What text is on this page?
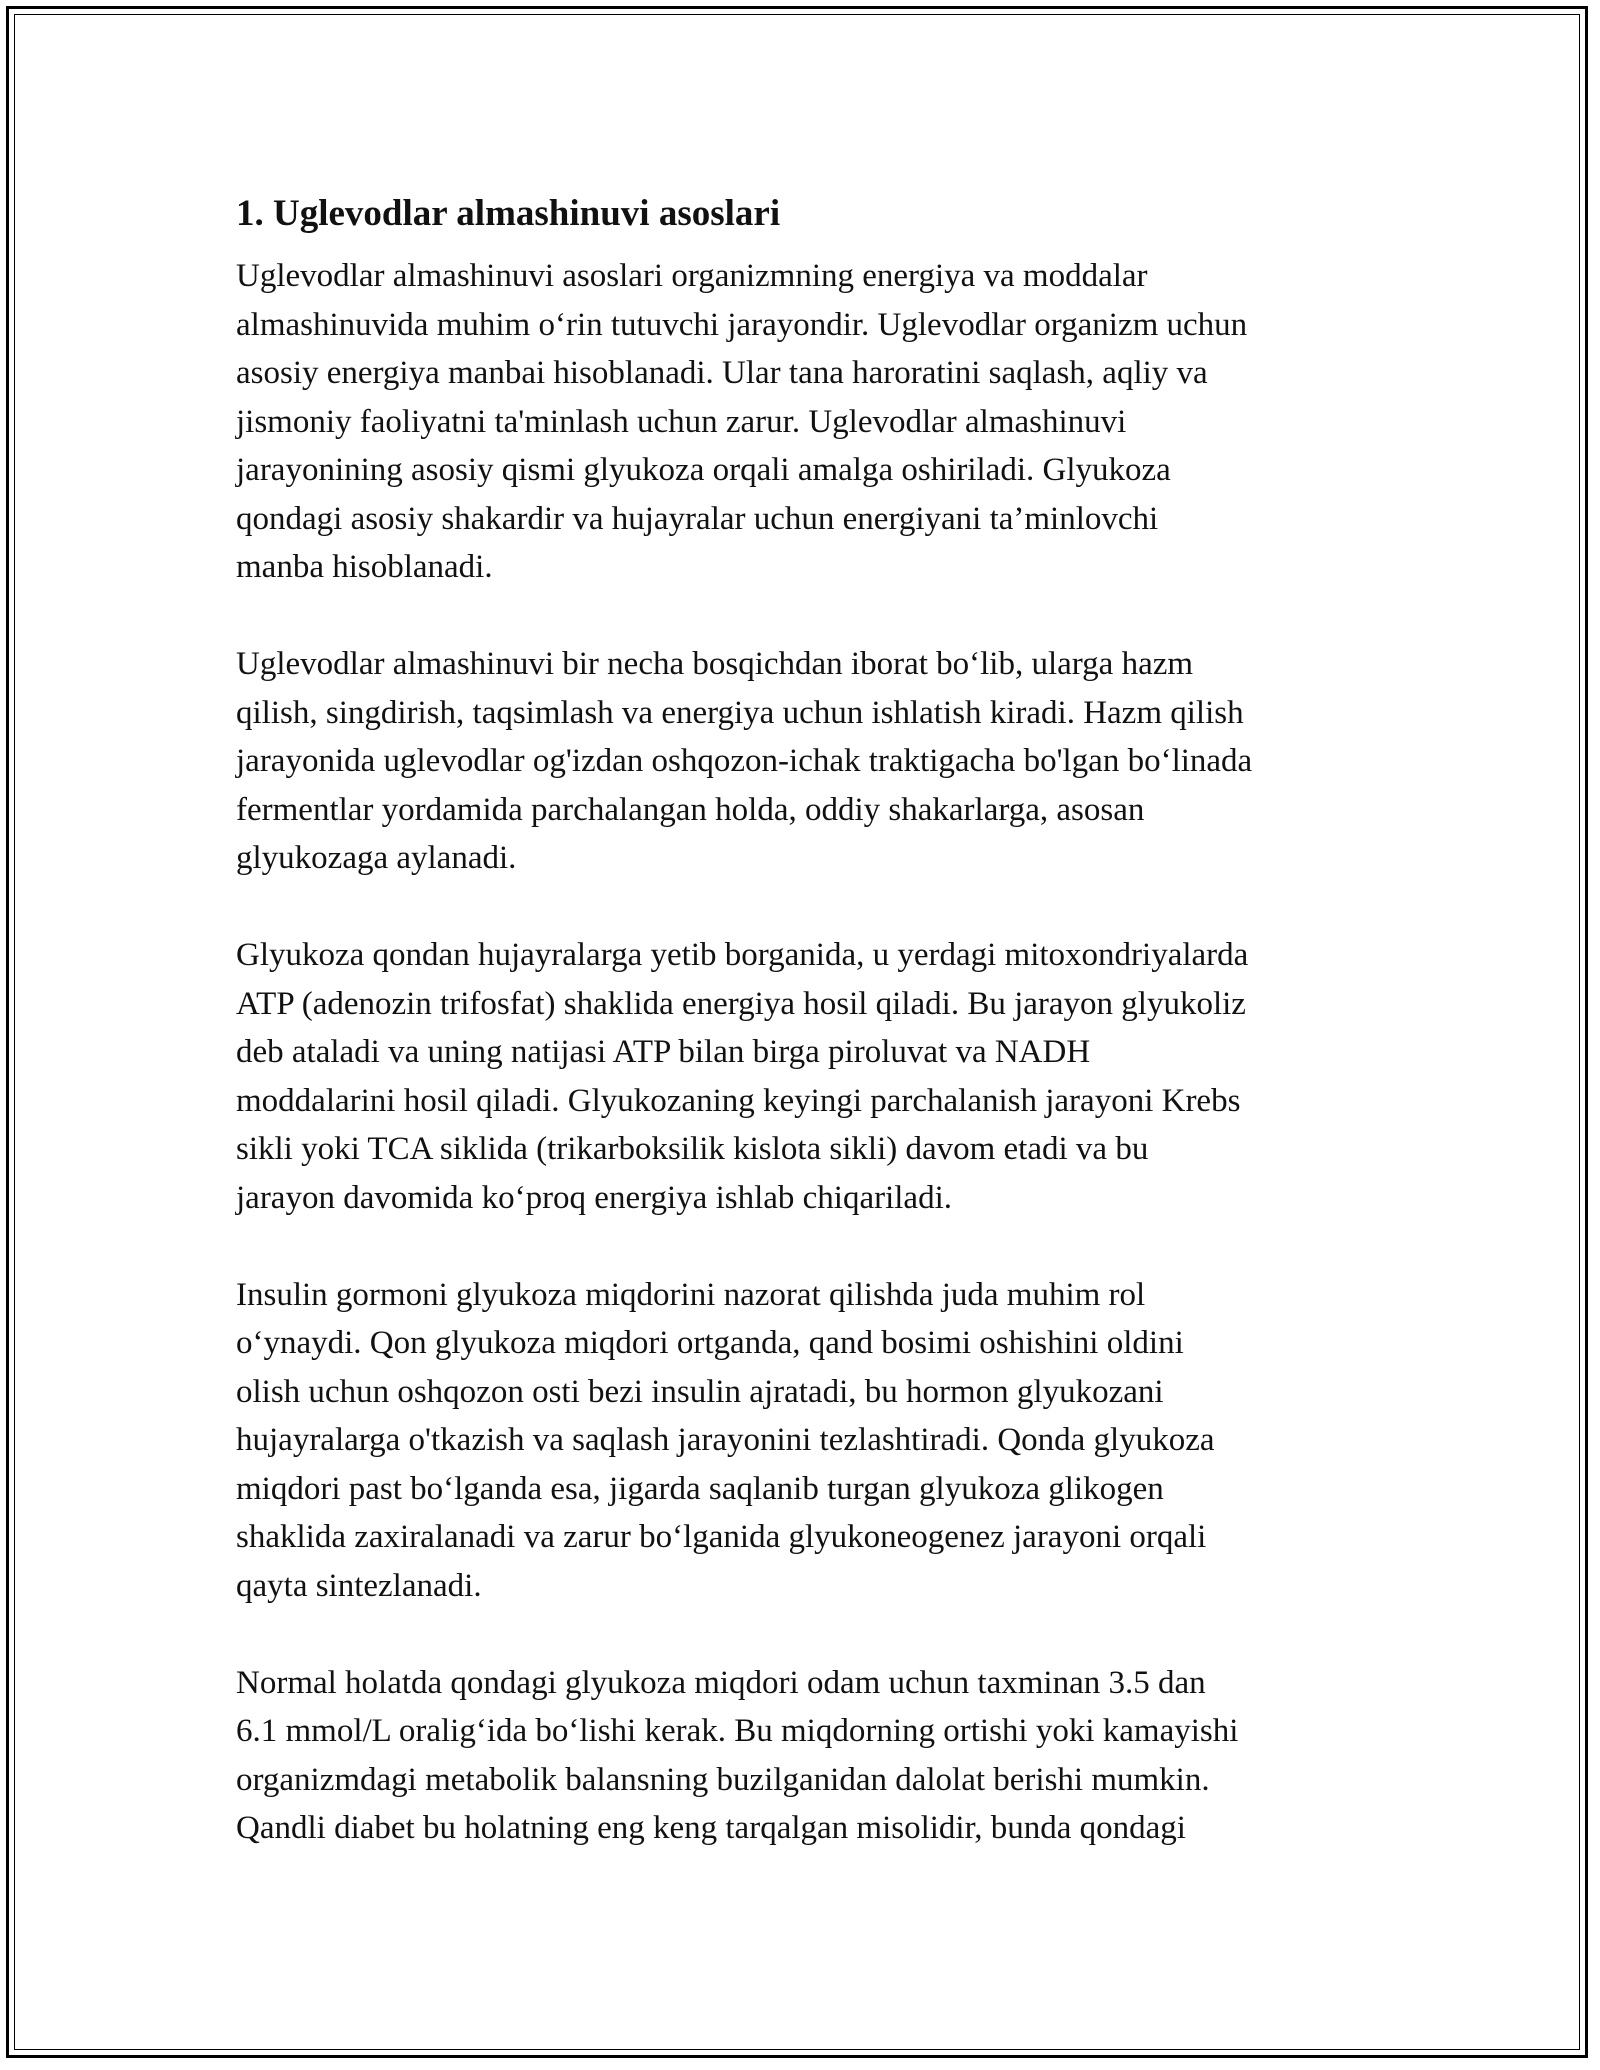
1. Uglevodlar almashinuvi asoslari

Uglevodlar almashinuvi asoslari organizmning energiya va moddalar
almashinuvida muhim o‘rin tutuvchi jarayondir. Uglevodlar organizm uchun
asosiy energiya manbai hisoblanadi. Ular tana haroratini saqlash, aqliy va
jismoniy faoliyatni ta'minlash uchun zarur. Uglevodlar almashinuvi
jarayonining asosiy qismi glyukoza orqali amalga oshiriladi. Glyukoza
qondagi asosiy shakardir va hujayralar uchun energiyani ta’minlovchi
manba hisoblanadi.

Uglevodlar almashinuvi bir necha bosqichdan iborat bo‘lib, ularga hazm
qilish, singdirish, taqsimlash va energiya uchun ishlatish kiradi. Hazm qilish
jarayonida uglevodlar og'izdan oshqozon-ichak traktigacha bo'lgan bo‘linada
fermentlar yordamida parchalangan holda, oddiy shakarlarga, asosan
glyukozaga aylanadi.

Glyukoza qondan hujayralarga yetib borganida, u yerdagi mitoxondriyalarda
ATP (adenozin trifosfat) shaklida energiya hosil qiladi. Bu jarayon glyukoliz
deb ataladi va uning natijasi ATP bilan birga piroluvat va NADH
moddalarini hosil qiladi. Glyukozaning keyingi parchalanish jarayoni Krebs
sikli yoki TCA siklida (trikarboksilik kislota sikli) davom etadi va bu
jarayon davomida ko‘proq energiya ishlab chiqariladi.

Insulin gormoni glyukoza miqdorini nazorat qilishda juda muhim rol
o‘ynaydi. Qon glyukoza miqdori ortganda, qand bosimi oshishini oldini
olish uchun oshqozon osti bezi insulin ajratadi, bu hormon glyukozani
hujayralarga o'tkazish va saqlash jarayonini tezlashtiradi. Qonda glyukoza
miqdori past bo‘lganda esa, jigarda saqlanib turgan glyukoza glikogen
shaklida zaxiralanadi va zarur bo‘lganida glyukoneogenez jarayoni orqali
qayta sintezlanadi.

Normal holatda qondagi glyukoza miqdori odam uchun taxminan 3.5 dan
6.1 mmol/L oralig‘ida bo‘lishi kerak. Bu miqdorning ortishi yoki kamayishi
organizmdagi metabolik balansning buzilganidan dalolat berishi mumkin.
Qandli diabet bu holatning eng keng tarqalgan misolidir, bunda qondagi
